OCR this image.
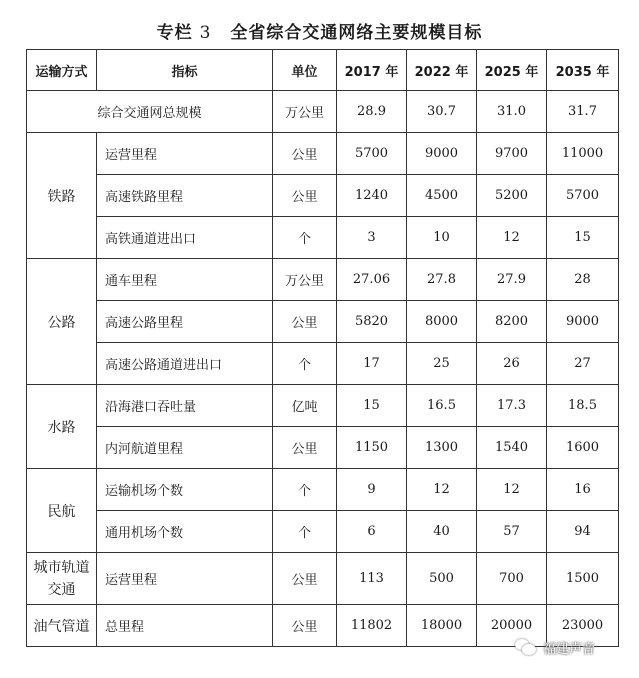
专栏 3 全省综合交通网络主要规模目标
运输方式	指标	单位	2017 年	2022 年	2025 年	2035 年
综合交通网总规模		万公里	28.9	30.7	31.0	31.7
铁路	运营里程	公里	5700	9000	9700	11000
	高速铁路里程	公里	1240	4500	5200	5700
	高铁通道进出口	个	3	10	12	15
公路	通车里程	万公里	27.06	27.8	27.9	28
	高速公路里程	公里	5820	8000	8200	9000
	高速公路通道进出口	个	17	25	26	27
水路	沿海港口吞吐量	亿吨	15	16.5	17.3	18.5
	内河航道里程	公里	1150	1300	1540	1600
民航	运输机场个数	个	9	12	12	16
	通用机场个数	个	6	40	57	94
城市轨道交通	运营里程	公里	113	500	700	1500
油气管道	总里程	公里	11802	18000	20000	23000
福建声音
